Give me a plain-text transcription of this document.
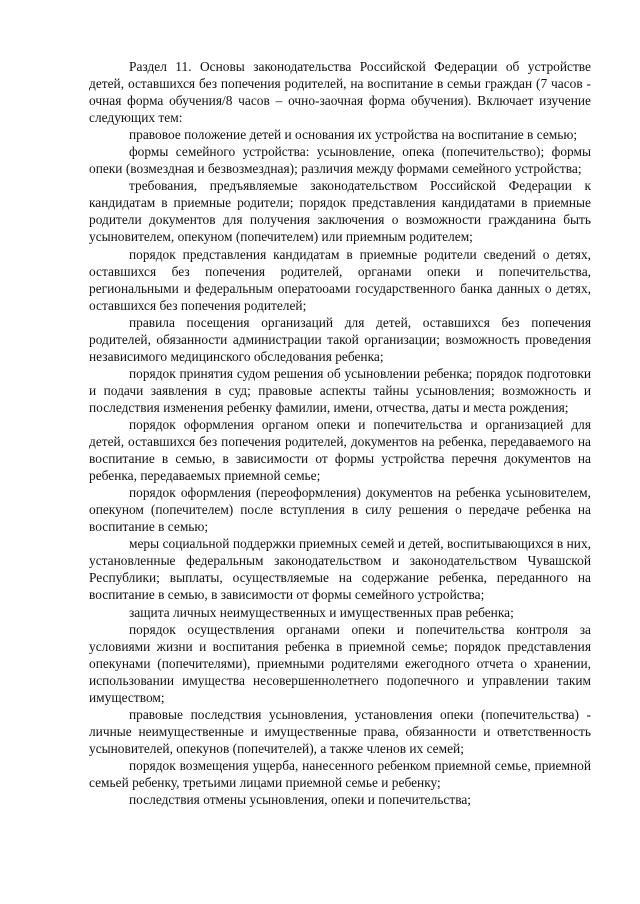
Раздел 11. Основы законодательства Российской Федерации об устройстве детей, оставшихся без попечения родителей, на воспитание в семьи граждан (7 часов - очная форма обучения/8 часов – очно-заочная форма обучения). Включает изучение следующих тем:

правовое положение детей и основания их устройства на воспитание в семью;

формы семейного устройства: усыновление, опека (попечительство); формы опеки (возмездная и безвозмездная); различия между формами семейного устройства;

требования, предъявляемые законодательством Российской Федерации к кандидатам в приемные родители; порядок представления кандидатами в приемные родители документов для получения заключения о возможности гражданина быть усыновителем, опекуном (попечителем) или приемным родителем;

порядок представления кандидатам в приемные родители сведений о детях, оставшихся без попечения родителей, органами опеки и попечительства, региональными и федеральным оператооами государственного банка данных о детях, оставшихся без попечения родителей;

правила посещения организаций для детей, оставшихся без попечения родителей, обязанности администрации такой организации; возможность проведения независимого медицинского обследования ребенка;

порядок принятия судом решения об усыновлении ребенка; порядок подготовки и подачи заявления в суд; правовые аспекты тайны усыновления; возможность и последствия изменения ребенку фамилии, имени, отчества, даты и места рождения;

порядок оформления органом опеки и попечительства и организацией для детей, оставшихся без попечения родителей, документов на ребенка, передаваемого на воспитание в семью, в зависимости от формы устройства перечня документов на ребенка, передаваемых приемной семье;

порядок оформления (переоформления) документов на ребенка усыновителем, опекуном (попечителем) после вступления в силу решения о передаче ребенка на воспитание в семью;

меры социальной поддержки приемных семей и детей, воспитывающихся в них, установленные федеральным законодательством и законодательством Чувашской Республики; выплаты, осуществляемые на содержание ребенка, переданного на воспитание в семью, в зависимости от формы семейного устройства;

защита личных неимущественных и имущественных прав ребенка;

порядок осуществления органами опеки и попечительства контроля за условиями жизни и воспитания ребенка в приемной семье; порядок представления опекунами (попечителями), приемными родителями ежегодного отчета о хранении, использовании имущества несовершеннолетнего подопечного и управлении таким имуществом;

правовые последствия усыновления, установления опеки (попечительства) - личные неимущественные и имущественные права, обязанности и ответственность усыновителей, опекунов (попечителей), а также членов их семей;

порядок возмещения ущерба, нанесенного ребенком приемной семье, приемной семьей ребенку, третьими лицами приемной семье и ребенку;

последствия отмены усыновления, опеки и попечительства;
